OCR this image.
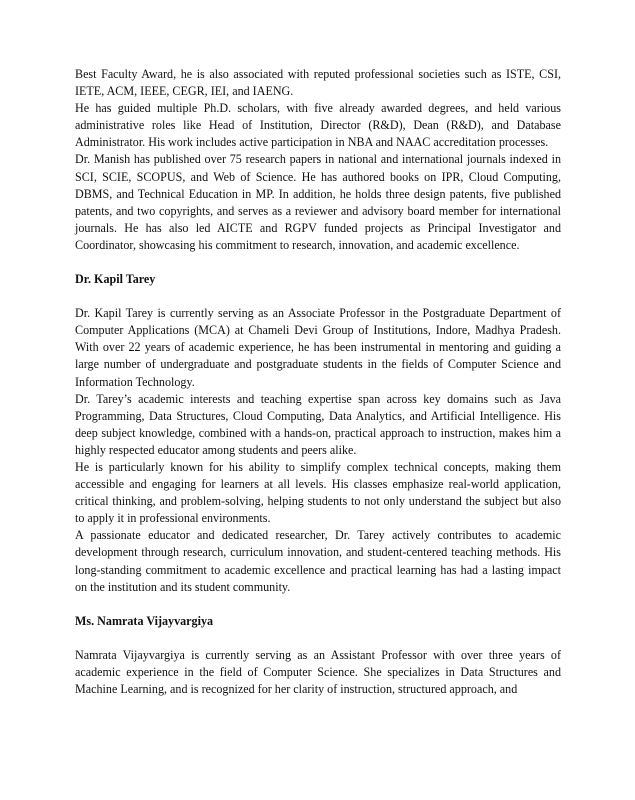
Best Faculty Award, he is also associated with reputed professional societies such as ISTE, CSI, IETE, ACM, IEEE, CEGR, IEI, and IAENG.

He has guided multiple Ph.D. scholars, with five already awarded degrees, and held various administrative roles like Head of Institution, Director (R&D), Dean (R&D), and Database Administrator. His work includes active participation in NBA and NAAC accreditation processes.

Dr. Manish has published over 75 research papers in national and international journals indexed in SCI, SCIE, SCOPUS, and Web of Science. He has authored books on IPR, Cloud Computing, DBMS, and Technical Education in MP. In addition, he holds three design patents, five published patents, and two copyrights, and serves as a reviewer and advisory board member for international journals. He has also led AICTE and RGPV funded projects as Principal Investigator and Coordinator, showcasing his commitment to research, innovation, and academic excellence.

Dr. Kapil Tarey

Dr. Kapil Tarey is currently serving as an Associate Professor in the Postgraduate Department of Computer Applications (MCA) at Chameli Devi Group of Institutions, Indore, Madhya Pradesh. With over 22 years of academic experience, he has been instrumental in mentoring and guiding a large number of undergraduate and postgraduate students in the fields of Computer Science and Information Technology.

Dr. Tarey’s academic interests and teaching expertise span across key domains such as Java Programming, Data Structures, Cloud Computing, Data Analytics, and Artificial Intelligence. His deep subject knowledge, combined with a hands-on, practical approach to instruction, makes him a highly respected educator among students and peers alike.

He is particularly known for his ability to simplify complex technical concepts, making them accessible and engaging for learners at all levels. His classes emphasize real-world application, critical thinking, and problem-solving, helping students to not only understand the subject but also to apply it in professional environments.

A passionate educator and dedicated researcher, Dr. Tarey actively contributes to academic development through research, curriculum innovation, and student-centered teaching methods. His long-standing commitment to academic excellence and practical learning has had a lasting impact on the institution and its student community.

Ms. Namrata Vijayvargiya

Namrata Vijayvargiya is currently serving as an Assistant Professor with over three years of academic experience in the field of Computer Science. She specializes in Data Structures and Machine Learning, and is recognized for her clarity of instruction, structured approach, and
